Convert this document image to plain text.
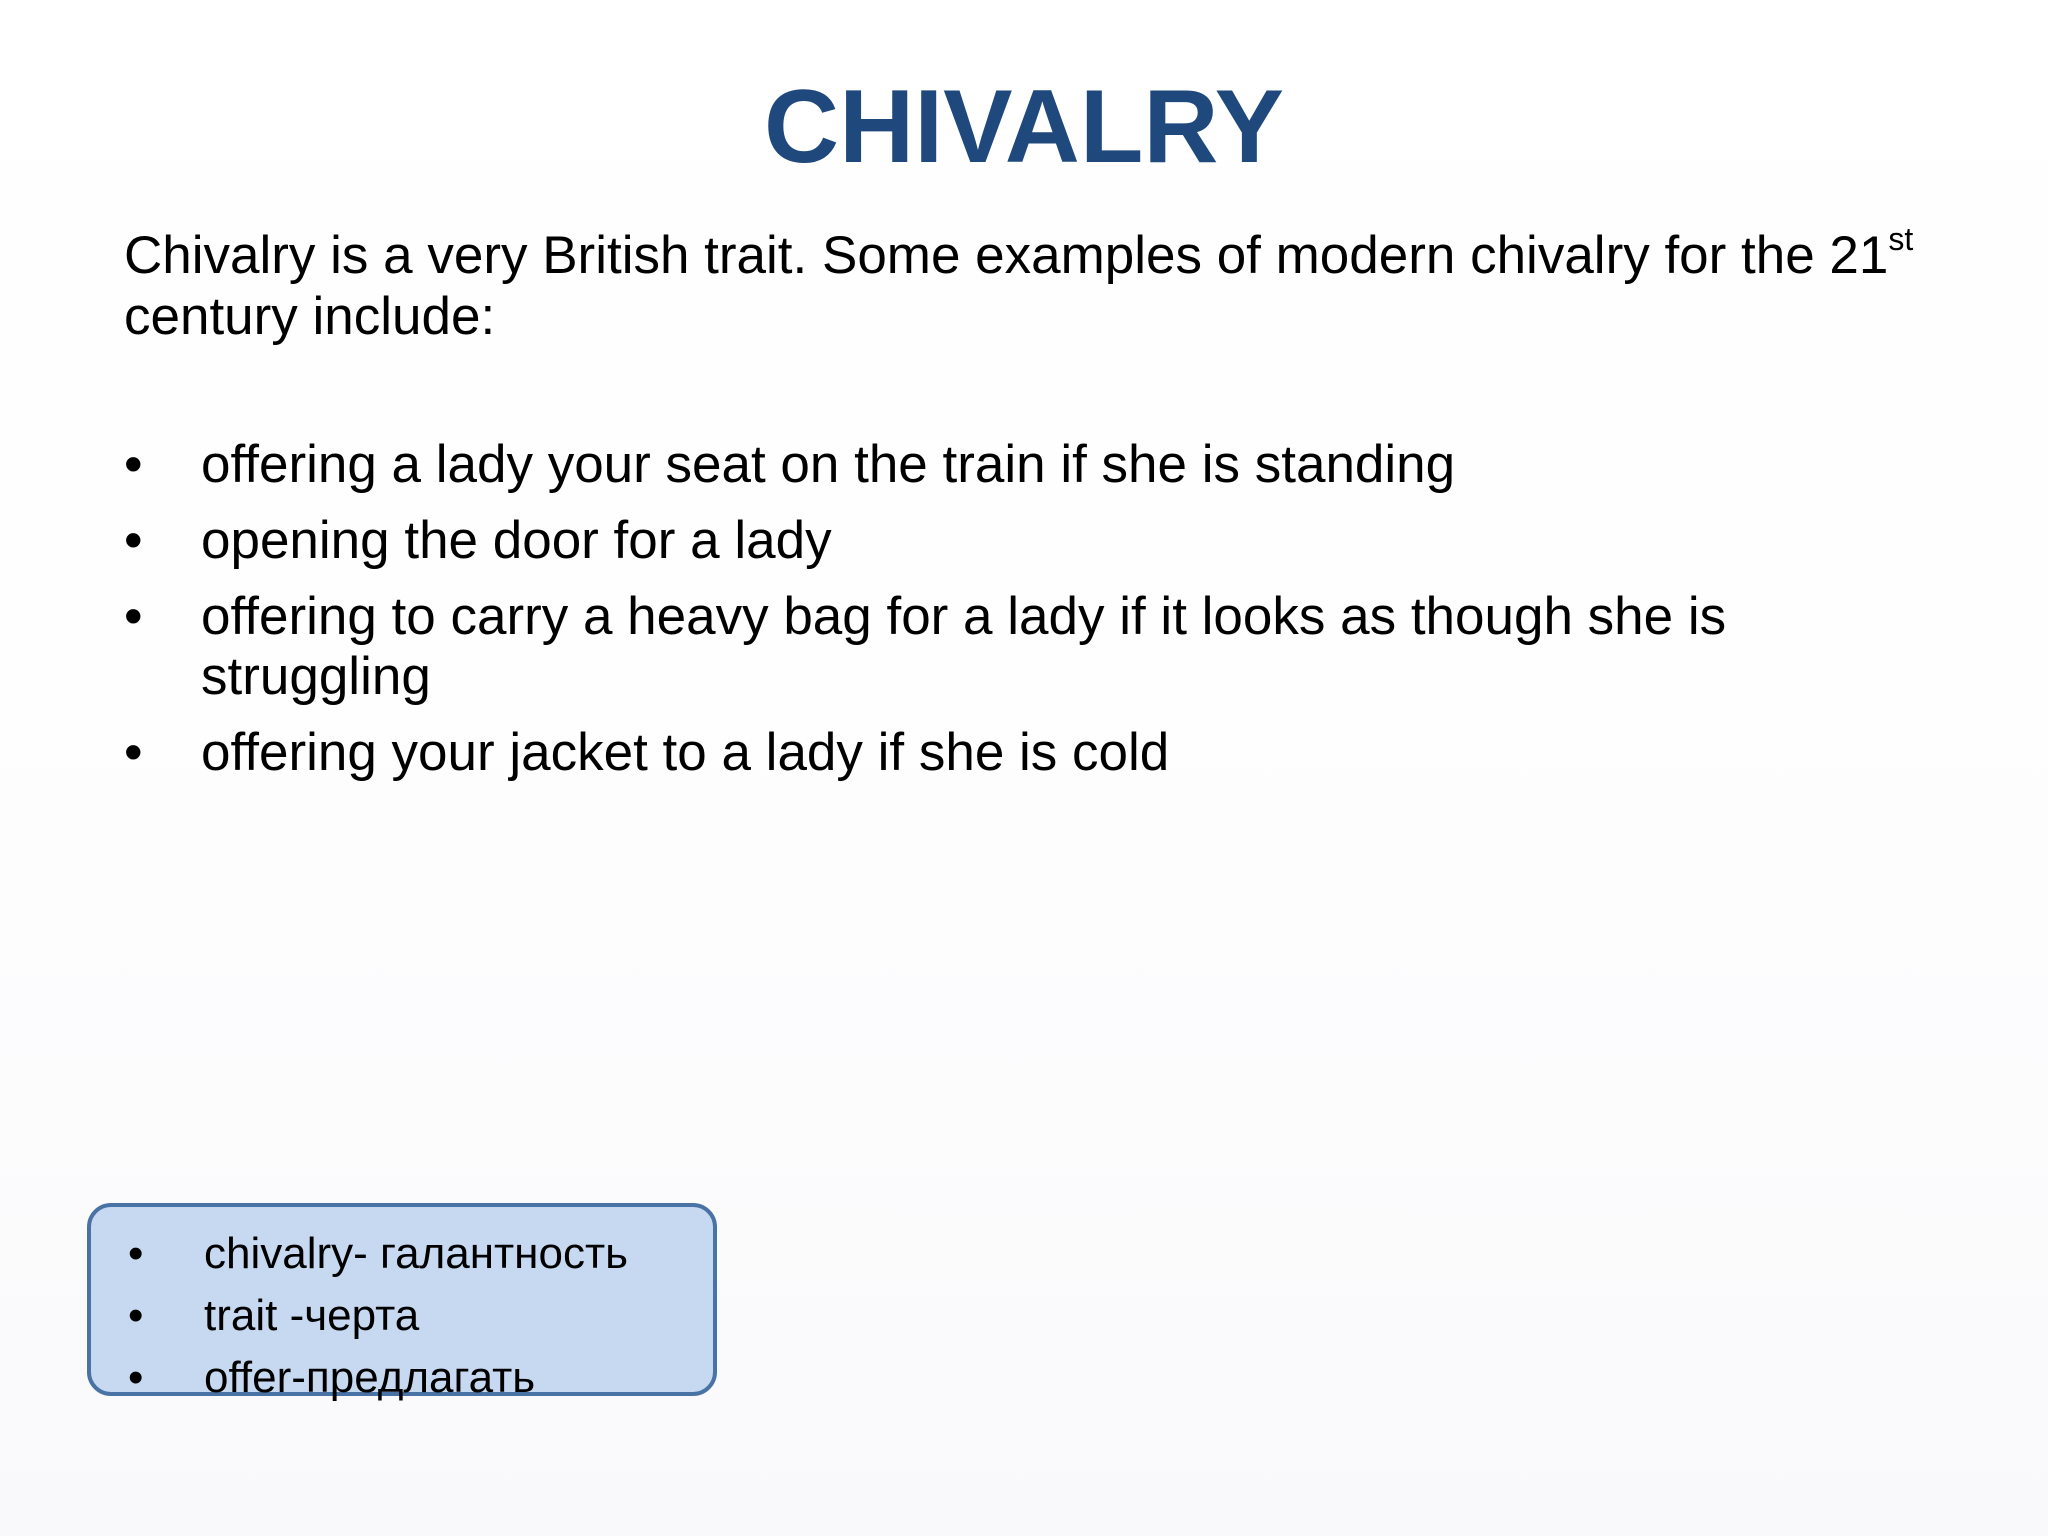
CHIVALRY

Chivalry is a very British trait. Some examples of modern chivalry for the 21st century include:

• offering a lady your seat on the train if she is standing
• opening the door for a lady
• offering to carry a heavy bag for a lady if it looks as though she is struggling
• offering your jacket to a lady if she is cold
• chivalry- галантность
• trait -черта
• offer-предлагать
